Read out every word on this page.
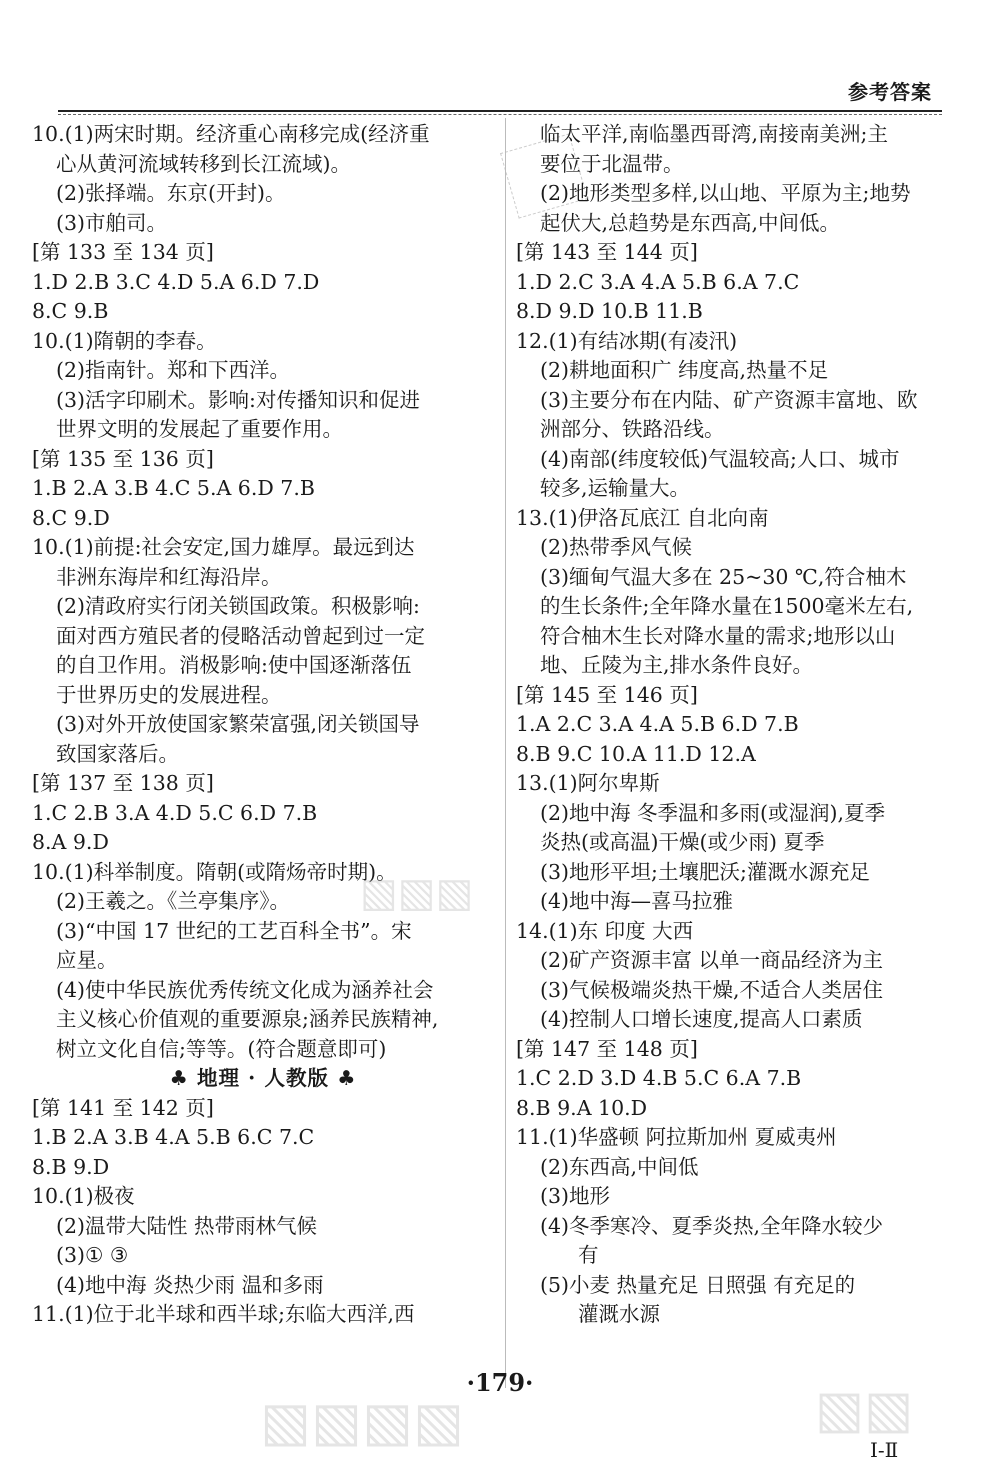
参考答案
10.(1)两宋时期。经济重心南移完成(经济重
心从黄河流域转移到长江流域)。
(2)张择端。东京(开封)。
(3)市舶司。
[第 133 至 134 页]
1.D 2.B 3.C 4.D 5.A 6.D 7.D
8.C 9.B
10.(1)隋朝的李春。
(2)指南针。郑和下西洋。
(3)活字印刷术。影响:对传播知识和促进
世界文明的发展起了重要作用。
[第 135 至 136 页]
1.B 2.A 3.B 4.C 5.A 6.D 7.B
8.C 9.D
10.(1)前提:社会安定,国力雄厚。最远到达
非洲东海岸和红海沿岸。
(2)清政府实行闭关锁国政策。积极影响:
面对西方殖民者的侵略活动曾起到过一定
的自卫作用。消极影响:使中国逐渐落伍
于世界历史的发展进程。
(3)对外开放使国家繁荣富强,闭关锁国导
致国家落后。
[第 137 至 138 页]
1.C 2.B 3.A 4.D 5.C 6.D 7.B
8.A 9.D
10.(1)科举制度。隋朝(或隋炀帝时期)。
(2)王羲之。《兰亭集序》。
(3)“中国 17 世纪的工艺百科全书”。宋
应星。
(4)使中华民族优秀传统文化成为涵养社会
主义核心价值观的重要源泉;涵养民族精神,
树立文化自信;等等。(符合题意即可)
♣ 地理 · 人教版 ♣
[第 141 至 142 页]
1.B 2.A 3.B 4.A 5.B 6.C 7.C
8.B 9.D
10.(1)极夜
(2)温带大陆性 热带雨林气候
(3)① ③
(4)地中海 炎热少雨 温和多雨
11.(1)位于北半球和西半球;东临大西洋,西
临太平洋,南临墨西哥湾,南接南美洲;主
要位于北温带。
(2)地形类型多样,以山地、平原为主;地势
起伏大,总趋势是东西高,中间低。
[第 143 至 144 页]
1.D 2.C 3.A 4.A 5.B 6.A 7.C
8.D 9.D 10.B 11.B
12.(1)有结冰期(有凌汛)
(2)耕地面积广 纬度高,热量不足
(3)主要分布在内陆、矿产资源丰富地、欧
洲部分、铁路沿线。
(4)南部(纬度较低)气温较高;人口、城市
较多,运输量大。
13.(1)伊洛瓦底江 自北向南
(2)热带季风气候
(3)缅甸气温大多在 25~30 ℃,符合柚木
的生长条件;全年降水量在1500毫米左右,
符合柚木生长对降水量的需求;地形以山
地、丘陵为主,排水条件良好。
[第 145 至 146 页]
1.A 2.C 3.A 4.A 5.B 6.D 7.B
8.B 9.C 10.A 11.D 12.A
13.(1)阿尔卑斯
(2)地中海 冬季温和多雨(或湿润),夏季
炎热(或高温)干燥(或少雨) 夏季
(3)地形平坦;土壤肥沃;灌溉水源充足
(4)地中海—喜马拉雅
14.(1)东 印度 大西
(2)矿产资源丰富 以单一商品经济为主
(3)气候极端炎热干燥,不适合人类居住
(4)控制人口增长速度,提高人口素质
[第 147 至 148 页]
1.C 2.D 3.D 4.B 5.C 6.A 7.B
8.B 9.A 10.D
11.(1)华盛顿 阿拉斯加州 夏威夷州
(2)东西高,中间低
(3)地形
(4)冬季寒冷、夏季炎热,全年降水较少
有
(5)小麦 热量充足 日照强 有充足的
灌溉水源
▧▧▧▧
▧▧▧
▧▧
·179·
Ⅰ-Ⅱ
